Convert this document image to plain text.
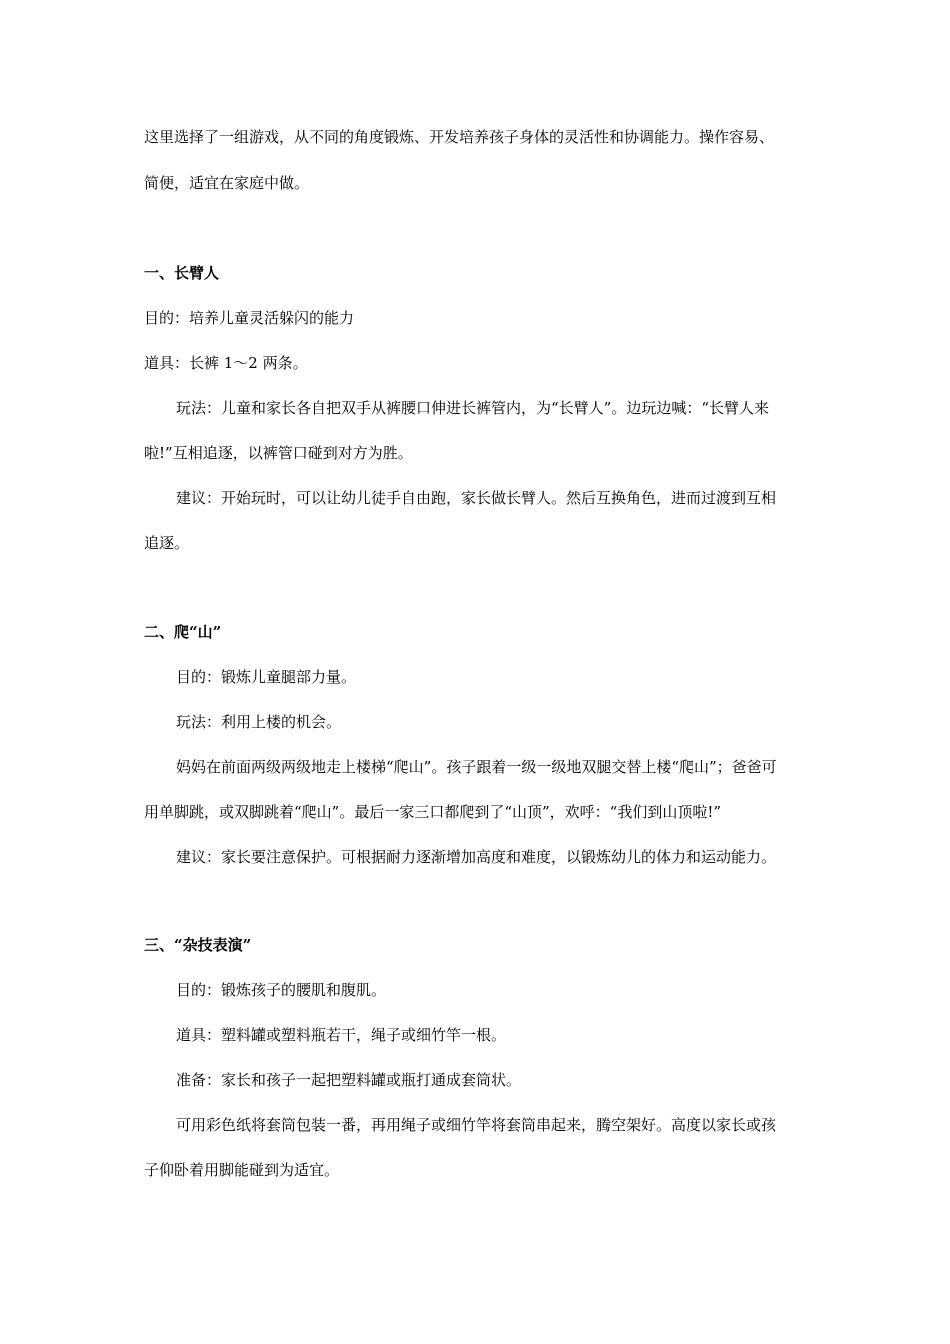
这里选择了一组游戏，从不同的角度锻炼、开发培养孩子身体的灵活性和协调能力。操作容易、
简便，适宜在家庭中做。
一、长臂人
目的：培养儿童灵活躲闪的能力
道具：长裤 1～2 两条。
玩法：儿童和家长各自把双手从裤腰口伸进长裤管内，为“长臂人”。边玩边喊：“长臂人来
啦!”互相追逐，以裤管口碰到对方为胜。
建议：开始玩时，可以让幼儿徒手自由跑，家长做长臂人。然后互换角色，进而过渡到互相
追逐。
二、爬“山”
目的：锻炼儿童腿部力量。
玩法：利用上楼的机会。
妈妈在前面两级两级地走上楼梯“爬山”。孩子跟着一级一级地双腿交替上楼“爬山”；爸爸可
用单脚跳，或双脚跳着“爬山”。最后一家三口都爬到了“山顶”，欢呼：“我们到山顶啦!”
建议：家长要注意保护。可根据耐力逐渐增加高度和难度，以锻炼幼儿的体力和运动能力。
三、“杂技表演”
目的：锻炼孩子的腰肌和腹肌。
道具：塑料罐或塑料瓶若干，绳子或细竹竿一根。
准备：家长和孩子一起把塑料罐或瓶打通成套筒状。
可用彩色纸将套筒包装一番，再用绳子或细竹竿将套筒串起来，腾空架好。高度以家长或孩
子仰卧着用脚能碰到为适宜。
